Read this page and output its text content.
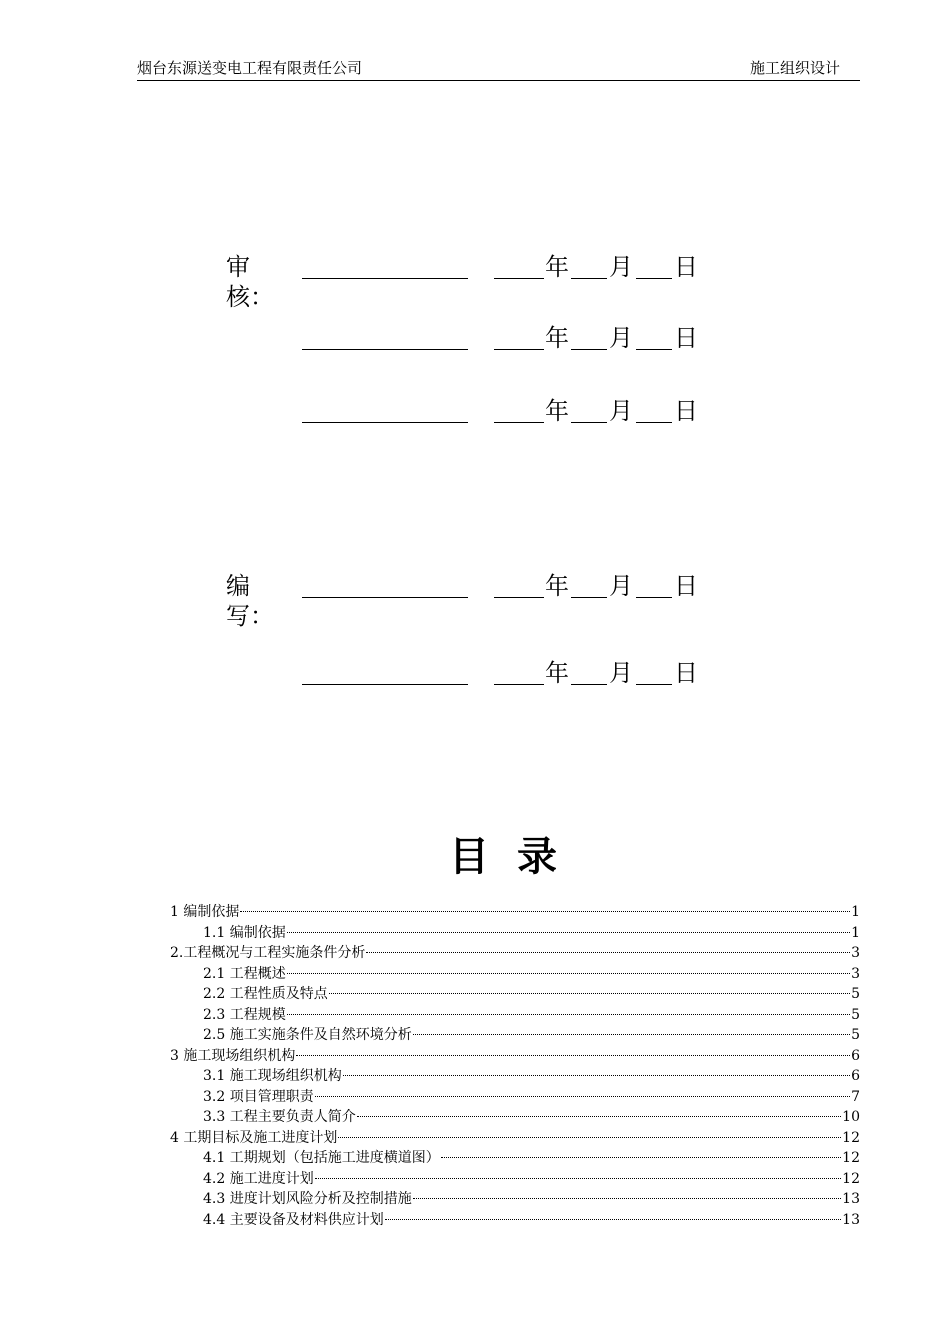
烟台东源送变电工程有限责任公司	施工组织设计
审核：
年 月 日
年 月 日
年 月 日
编写：
年 月 日
年 月 日
目录
1 编制依据	1
1.1 编制依据	1
2.工程概况与工程实施条件分析	3
2.1 工程概述	3
2.2 工程性质及特点	5
2.3 工程规模	5
2.5 施工实施条件及自然环境分析	5
3 施工现场组织机构	6
3.1 施工现场组织机构	6
3.2 项目管理职责	7
3.3 工程主要负责人简介	10
4 工期目标及施工进度计划	12
4.1 工期规划（包括施工进度横道图）	12
4.2 施工进度计划	12
4.3 进度计划风险分析及控制措施	13
4.4 主要设备及材料供应计划	13
